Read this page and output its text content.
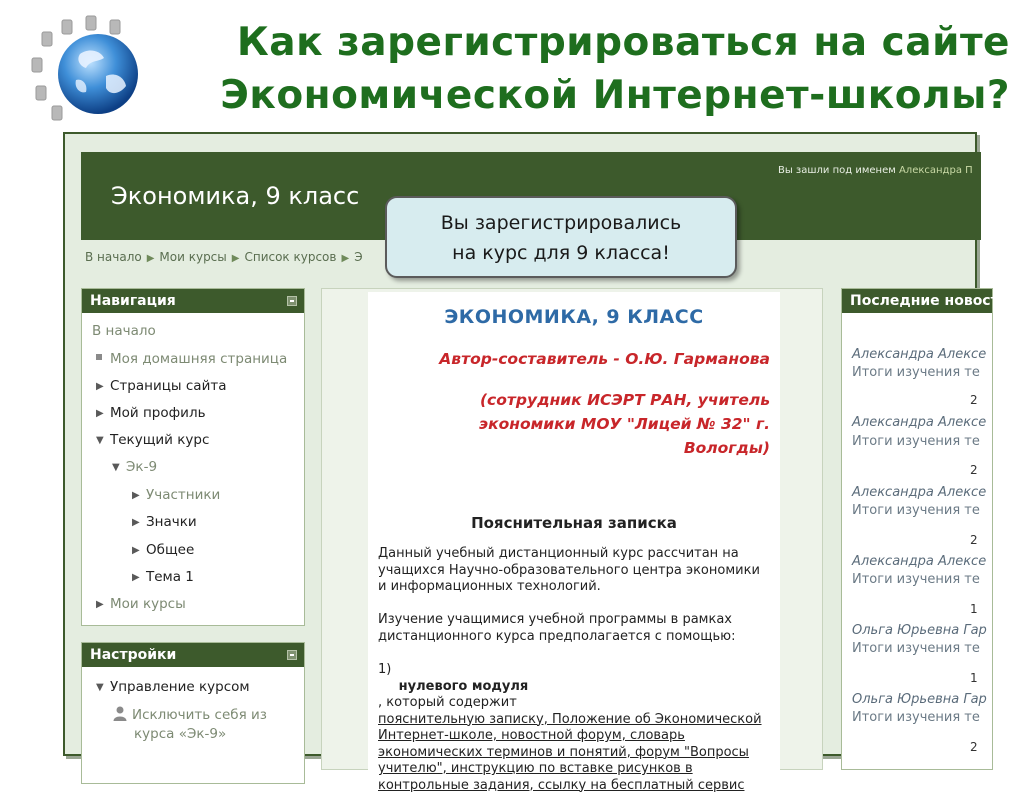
Как зарегистрироваться на сайте
Экономической Интернет-школы?
Экономика, 9 класс
Вы зашли под именем Александра П
В начало ▶ Мои курсы ▶ Список курсов ▶ Э
Навигация
В начало
Моя домашняя страница
▶ Страницы сайта
▶ Мой профиль
▼ Текущий курс
▼ Эк-9
▶ Участники
▶ Значки
▶ Общее
▶ Тема 1
▶ Мои курсы
Настройки
▼ Управление курсом
Исключить себя из
курса «Эк-9»
ЭКОНОМИКА, 9 КЛАСС
Автор-составитель - О.Ю. Гарманова
(сотрудник ИСЭРТ РАН, учитель
экономики МОУ "Лицей № 32" г.
Вологды)
Пояснительная записка
Данный учебный дистанционный курс рассчитан на
учащихся Научно-образовательного центра экономики
и информационных технологий.
Изучение учащимися учебной программы в рамках
дистанционного курса предполагается с помощью:
1)
нулевого модуля
, который содержит
пояснительную записку, Положение об Экономической
Интернет-школе, новостной форум, словарь
экономических терминов и понятий, форум "Вопросы
учителю", инструкцию по вставке рисунков в
контрольные задания, ссылку на бесплатный сервис
Последние новости
Александра Алексе
Итоги изучения те
2
Александра Алексе
Итоги изучения те
2
Александра Алексе
Итоги изучения те
2
Александра Алексе
Итоги изучения те
1
Ольга Юрьевна Гар
Итоги изучения те
1
Ольга Юрьевна Гар
Итоги изучения те
2
Вы зарегистрировались
на курс для 9 класса!
